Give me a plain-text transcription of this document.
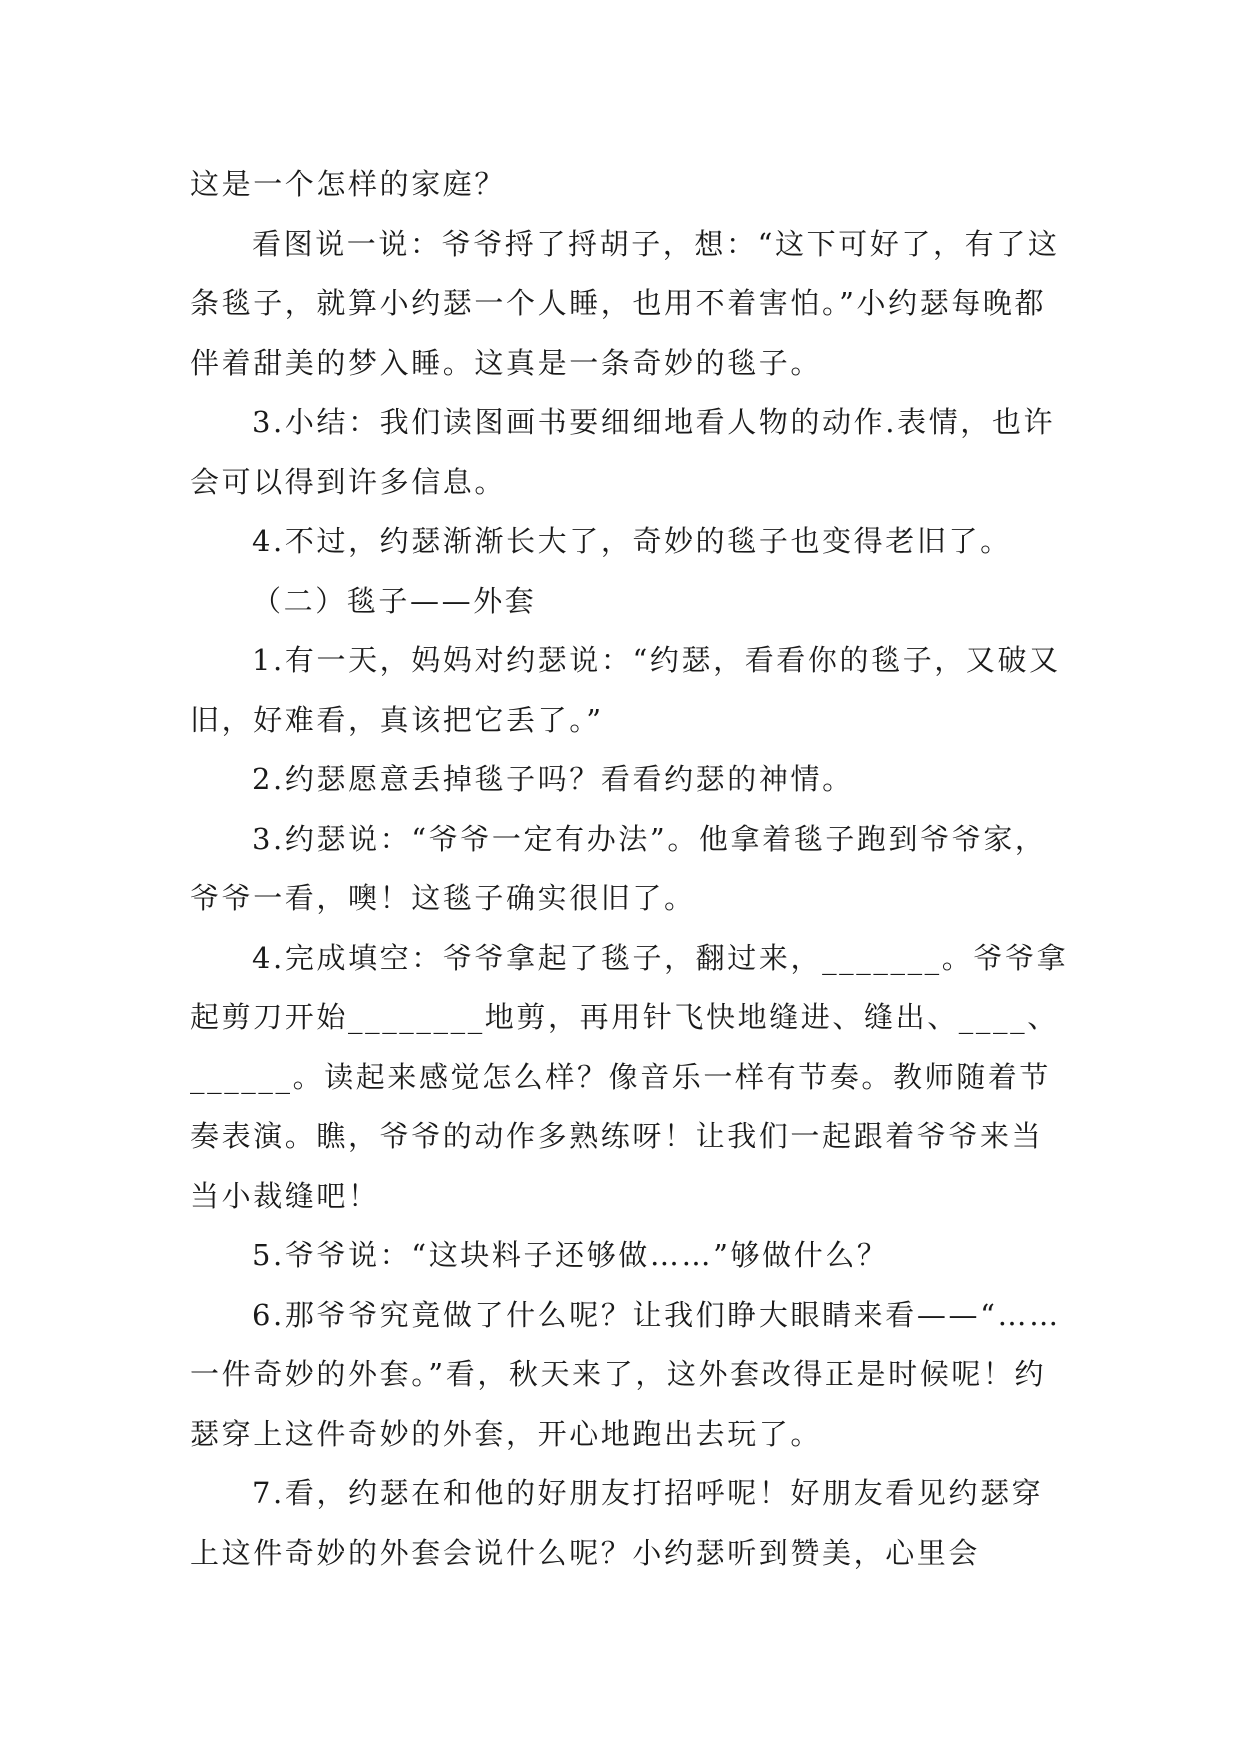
这是一个怎样的家庭？

看图说一说：爷爷捋了捋胡子，想：“这下可好了，有了这条毯子，就算小约瑟一个人睡，也用不着害怕。”小约瑟每晚都伴着甜美的梦入睡。这真是一条奇妙的毯子。

3.小结：我们读图画书要细细地看人物的动作.表情，也许会可以得到许多信息。

4.不过，约瑟渐渐长大了，奇妙的毯子也变得老旧了。

（二）毯子——外套

1.有一天，妈妈对约瑟说：“约瑟，看看你的毯子，又破又旧，好难看，真该把它丢了。”

2.约瑟愿意丢掉毯子吗？看看约瑟的神情。

3.约瑟说：“爷爷一定有办法”。他拿着毯子跑到爷爷家，爷爷一看，噢！这毯子确实很旧了。

4.完成填空：爷爷拿起了毯子，翻过来，_______。爷爷拿起剪刀开始________地剪，再用针飞快地缝进、缝出、____、______。读起来感觉怎么样？像音乐一样有节奏。教师随着节奏表演。瞧，爷爷的动作多熟练呀！让我们一起跟着爷爷来当当小裁缝吧！

5.爷爷说：“这块料子还够做……”够做什么？

6.那爷爷究竟做了什么呢？让我们睁大眼睛来看——“……一件奇妙的外套。”看，秋天来了，这外套改得正是时候呢！约瑟穿上这件奇妙的外套，开心地跑出去玩了。

7.看，约瑟在和他的好朋友打招呼呢！好朋友看见约瑟穿上这件奇妙的外套会说什么呢？小约瑟听到赞美，心里会
